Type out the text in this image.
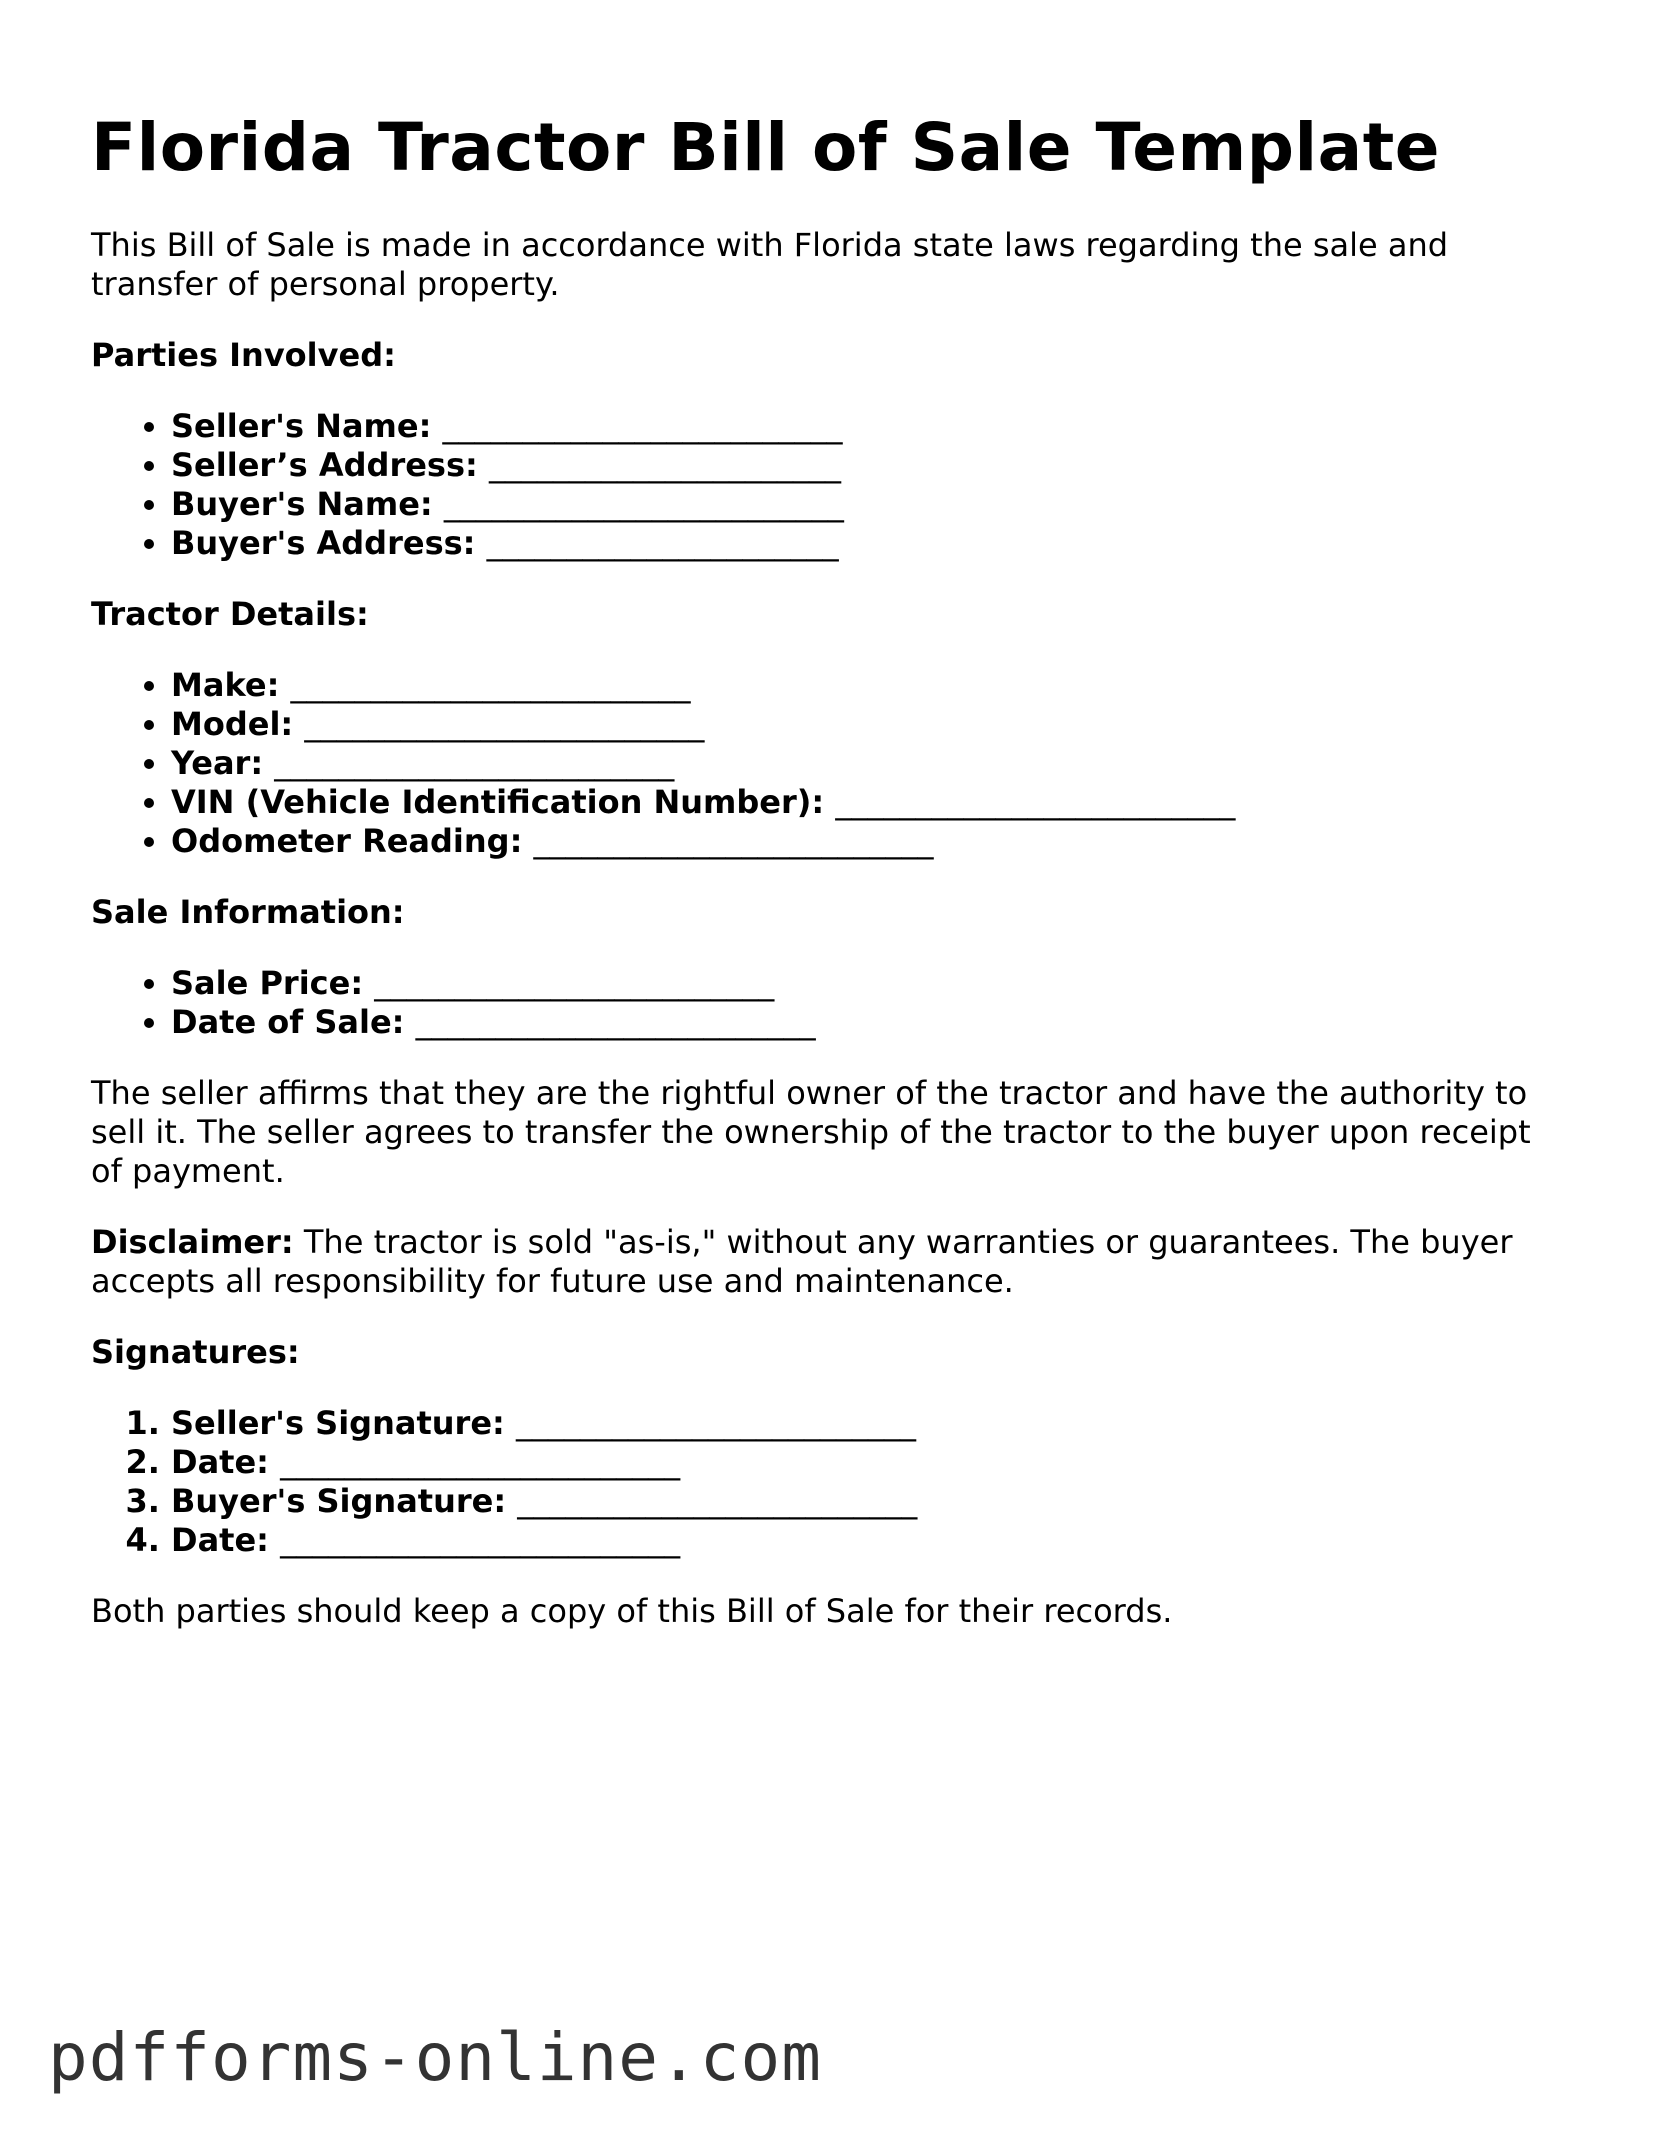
Florida Tractor Bill of Sale Template

This Bill of Sale is made in accordance with Florida state laws regarding the sale and transfer of personal property.

Parties Involved:
• Seller's Name: _________________________
• Seller’s Address: ______________________
• Buyer's Name: _________________________
• Buyer's Address: ______________________
Tractor Details:
• Make: _________________________
• Model: _________________________
• Year: _________________________
• VIN (Vehicle Identification Number): _________________________
• Odometer Reading: _________________________
Sale Information:
• Sale Price: _________________________
• Date of Sale: _________________________

The seller affirms that they are the rightful owner of the tractor and have the authority to sell it. The seller agrees to transfer the ownership of the tractor to the buyer upon receipt of payment.

Disclaimer: The tractor is sold "as-is," without any warranties or guarantees. The buyer accepts all responsibility for future use and maintenance.

Signatures:
1. Seller's Signature: _________________________
2. Date: _________________________
3. Buyer's Signature: _________________________
4. Date: _________________________

Both parties should keep a copy of this Bill of Sale for their records.

pdfforms-online.com
